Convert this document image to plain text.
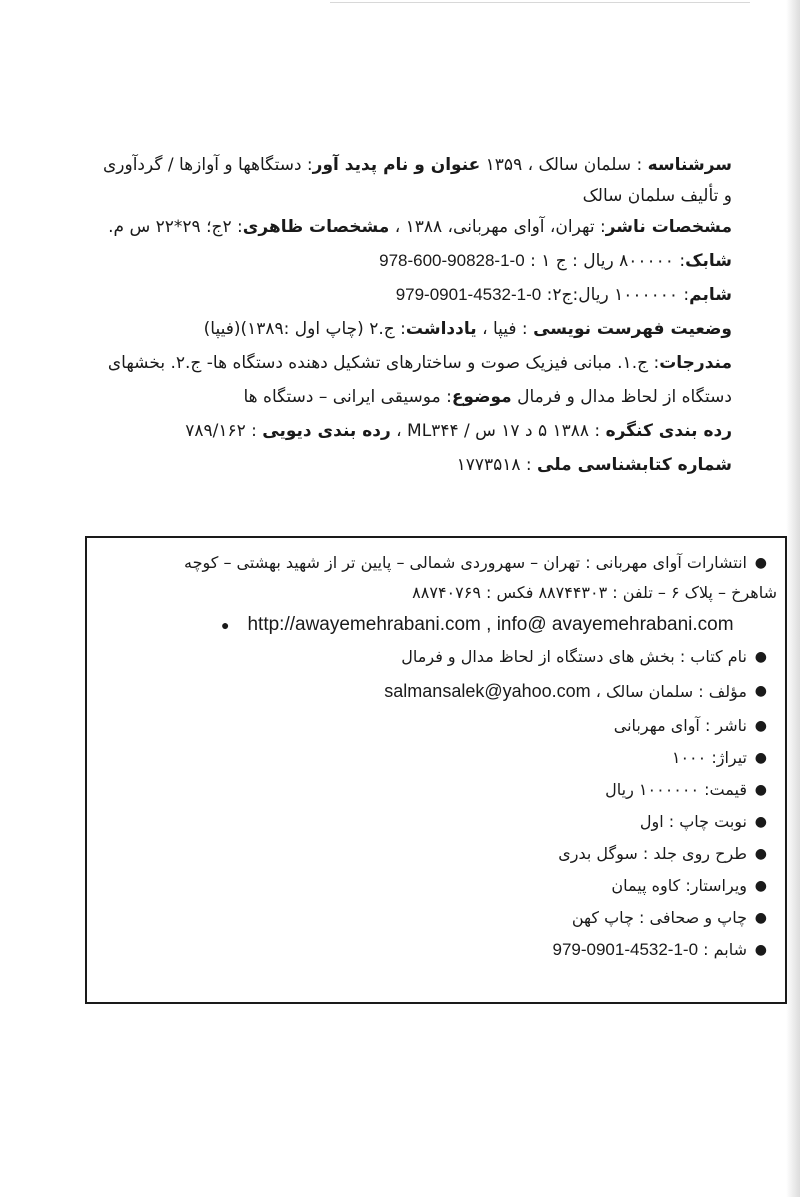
سرشناسه : سلمان سالک ، ۱۳۵۹ عنوان و نام پدید آور: دستگاهها و آوازها / گردآوری
و تألیف سلمان سالک
مشخصات ناشر: تهران، آوای مهربانی، ۱۳۸۸ ، مشخصات ظاهری: ۲ج؛ ۲۹*۲۲ س م.
شابک: ۸۰۰۰۰۰ ریال : ج ۱ : 978-600-90828-1-0
شابم: ۱۰۰۰۰۰۰ ریال:ج۲: 979-0901-4532-1-0
وضعیت فهرست نویسی : فیپا ، یادداشت: ج.۲ (چاپ اول :۱۳۸۹)(فیپا)
مندرجات: ج.۱. مبانی فیزیک صوت و ساختارهای تشکیل دهنده دستگاه ها- ج.۲. بخشهای
دستگاه از لحاظ مدال و فرمال موضوع: موسیقی ایرانی – دستگاه ها
رده بندی کنگره : ۱۳۸۸ ۵ د ۱۷ س / ML۳۴۴ ، رده بندی دیویی : ۷۸۹/۱۶۲
شماره کتابشناسی ملی : ۱۷۷۳۵۱۸
●
انتشارات آوای مهربانی : تهران – سهروردی شمالی – پایین تر از شهید بهشتی – کوچه
شاهرخ – پلاک ۶ – تلفن : ۸۸۷۴۴۳۰۳ فکس : ۸۸۷۴۰۷۶۹
● http://awayemehrabani.com , info@ avayemehrabani.com
●
نام کتاب : بخش های دستگاه از لحاظ مدال و فرمال
●
مؤلف : سلمان سالک ، salmansalek@yahoo.com
●
ناشر : آوای مهربانی
●
تیراژ: ۱۰۰۰
●
قیمت: ۱۰۰۰۰۰۰ ریال
●
نوبت چاپ : اول
●
طرح روی جلد : سوگل بدری
●
ویراستار: کاوه پیمان
●
چاپ و صحافی : چاپ کهن
●
شابم : 979-0901-4532-1-0
